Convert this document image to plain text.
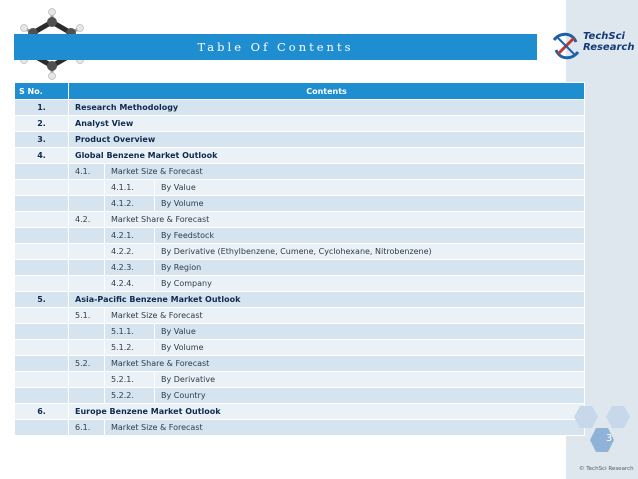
Table Of Contents
TechSci
Research
S No.	Contents		
1.	Research Methodology		
2.	Analyst View		
3.	Product Overview		
4.	Global Benzene Market Outlook		
	4.1.	Market Size & Forecast	
		4.1.1.	By Value
		4.1.2.	By Volume
	4.2.	Market Share & Forecast	
		4.2.1.	By Feedstock
		4.2.2.	By Derivative (Ethylbenzene, Cumene, Cyclohexane, Nitrobenzene)
		4.2.3.	By Region
		4.2.4.	By Company
5.	Asia-Pacific Benzene Market Outlook		
	5.1.	Market Size & Forecast	
		5.1.1.	By Value
		5.1.2.	By Volume
	5.2.	Market Share & Forecast	
		5.2.1.	By Derivative
		5.2.2.	By Country
6.	Europe Benzene Market Outlook		
	6.1.	Market Size & Forecast	
3
© TechSci Research
